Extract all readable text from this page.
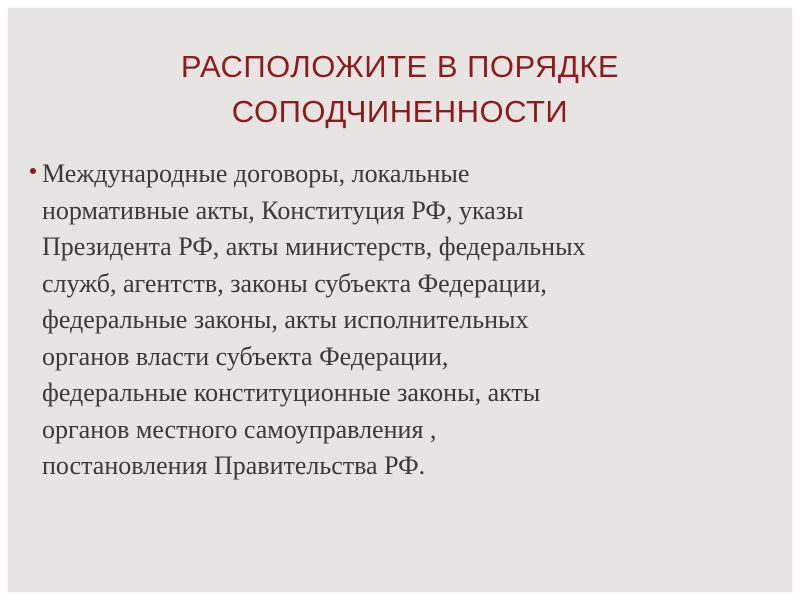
РАСПОЛОЖИТЕ В ПОРЯДКЕ
СОПОДЧИНЕННОСТИ
Международные договоры, локальные
нормативные акты, Конституция РФ, указы
Президента РФ, акты министерств, федеральных
служб, агентств, законы субъекта Федерации,
федеральные законы, акты исполнительных
органов власти субъекта Федерации,
федеральные конституционные законы, акты
органов местного самоуправления ,
постановления Правительства РФ.
